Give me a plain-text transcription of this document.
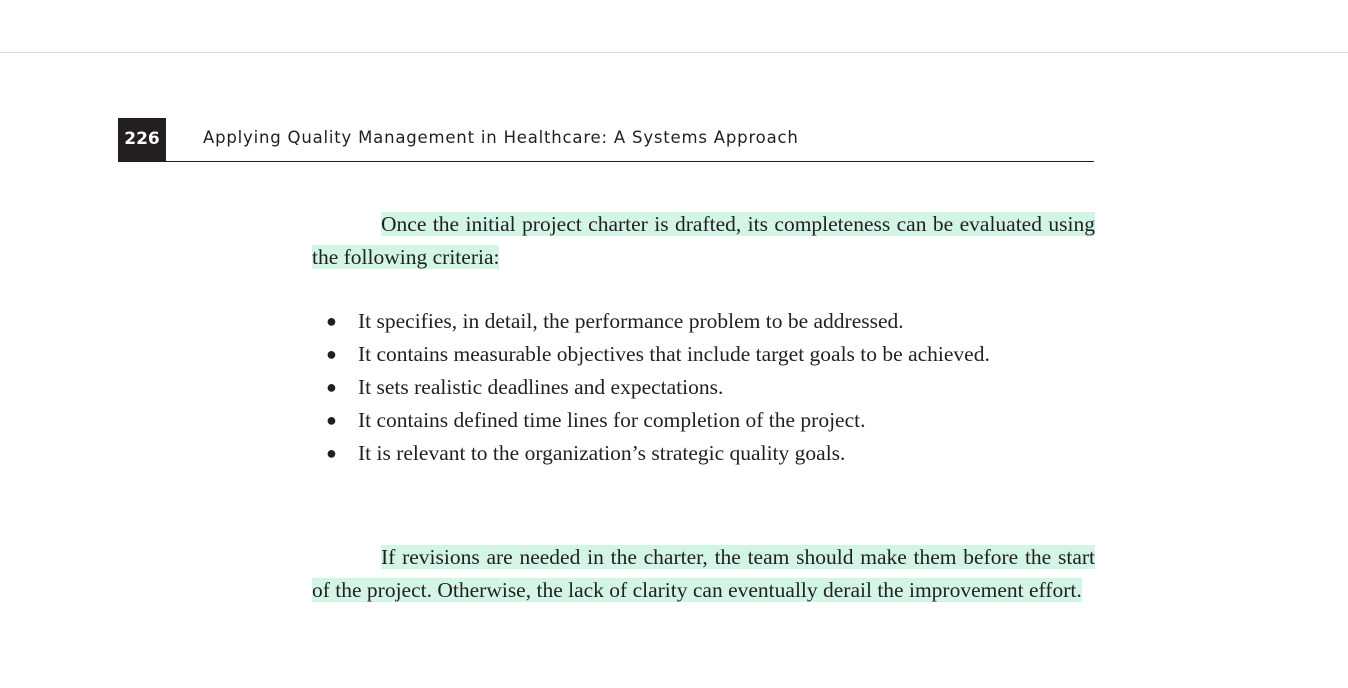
226	Applying Quality Management in Healthcare: A Systems Approach

Once the initial project charter is drafted, its completeness can be evaluated using the following criteria:

● It specifies, in detail, the performance problem to be addressed.
● It contains measurable objectives that include target goals to be achieved.
● It sets realistic deadlines and expectations.
● It contains defined time lines for completion of the project.
● It is relevant to the organization’s strategic quality goals.

If revisions are needed in the charter, the team should make them before the start of the project. Otherwise, the lack of clarity can eventually derail the improvement effort.
